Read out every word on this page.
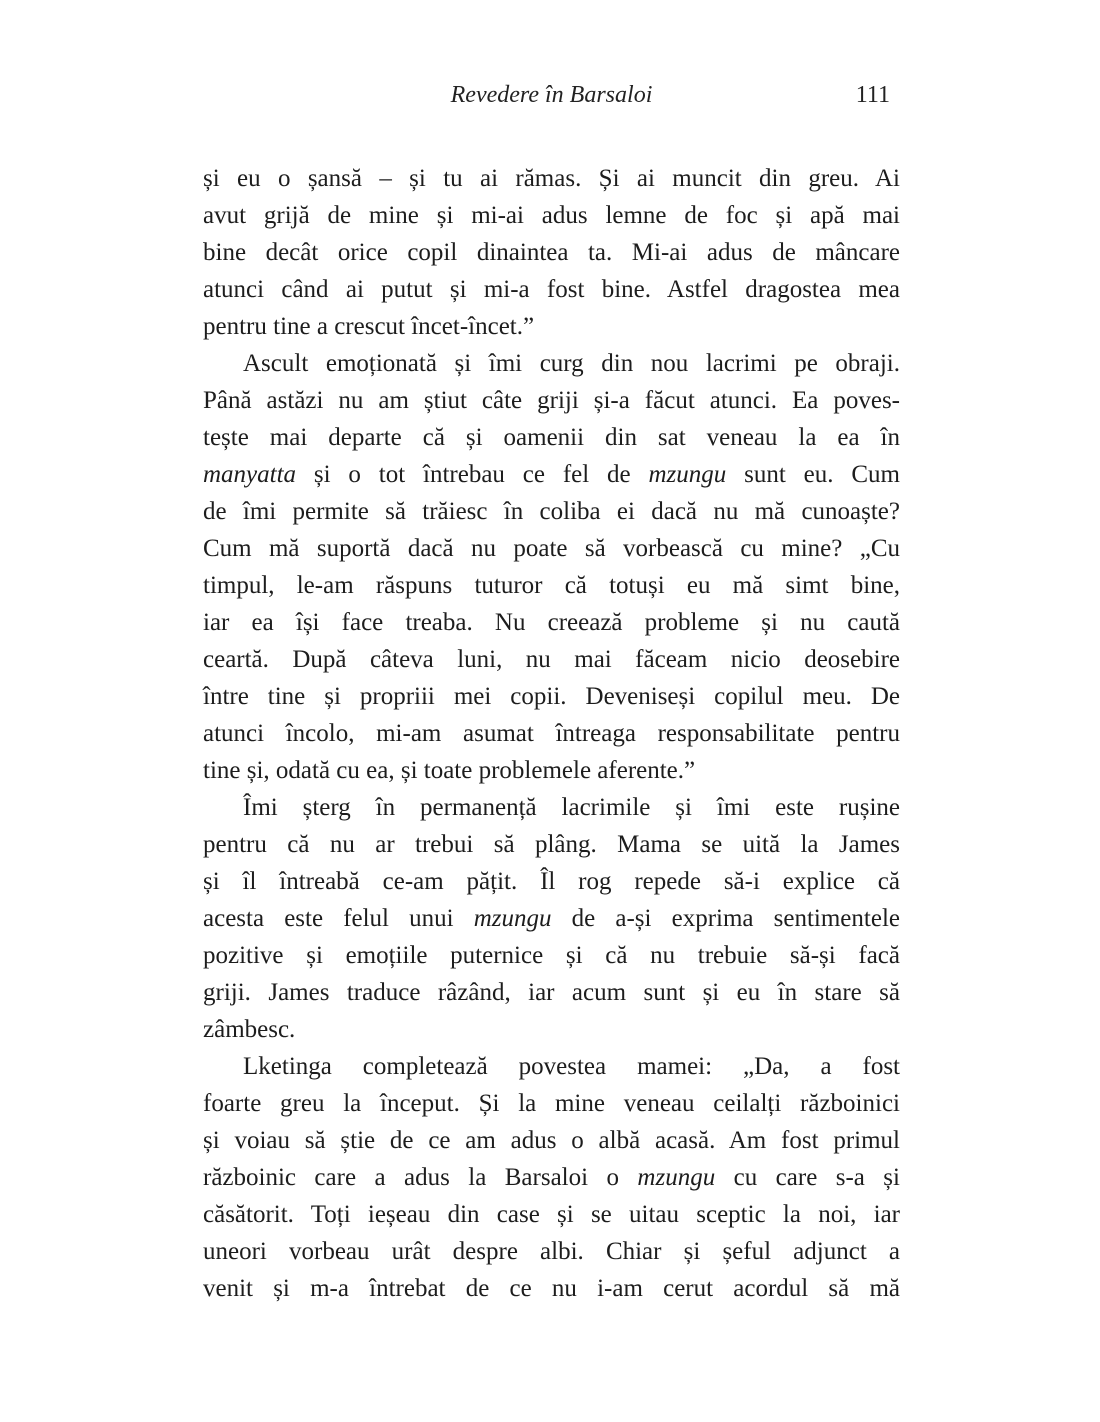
Revedere în Barsaloi	111
și eu o șansă – și tu ai rămas. Și ai muncit din greu. Ai
avut grijă de mine și mi-ai adus lemne de foc și apă mai
bine decât orice copil dinaintea ta. Mi-ai adus de mâncare
atunci când ai putut și mi-a fost bine. Astfel dragostea mea
pentru tine a crescut încet-încet.”
Ascult emoționată și îmi curg din nou lacrimi pe obraji.
Până astăzi nu am știut câte griji și-a făcut atunci. Ea poves-
tește mai departe că și oamenii din sat veneau la ea în
manyatta și o tot întrebau ce fel de mzungu sunt eu. Cum
de îmi permite să trăiesc în coliba ei dacă nu mă cunoaște?
Cum mă suportă dacă nu poate să vorbească cu mine? „Cu
timpul, le-am răspuns tuturor că totuși eu mă simt bine,
iar ea își face treaba. Nu creează probleme și nu caută
ceartă. După câteva luni, nu mai făceam nicio deosebire
între tine și propriii mei copii. Deveniseși copilul meu. De
atunci încolo, mi-am asumat întreaga responsabilitate pentru
tine și, odată cu ea, și toate problemele aferente.”
Îmi șterg în permanență lacrimile și îmi este rușine
pentru că nu ar trebui să plâng. Mama se uită la James
și îl întreabă ce-am pățit. Îl rog repede să-i explice că
acesta este felul unui mzungu de a-și exprima sentimentele
pozitive și emoțiile puternice și că nu trebuie să-și facă
griji. James traduce râzând, iar acum sunt și eu în stare să
zâmbesc.
Lketinga completează povestea mamei: „Da, a fost
foarte greu la început. Și la mine veneau ceilalți războinici
și voiau să știe de ce am adus o albă acasă. Am fost primul
războinic care a adus la Barsaloi o mzungu cu care s-a și
căsătorit. Toți ieșeau din case și se uitau sceptic la noi, iar
uneori vorbeau urât despre albi. Chiar și șeful adjunct a
venit și m-a întrebat de ce nu i-am cerut acordul să mă
